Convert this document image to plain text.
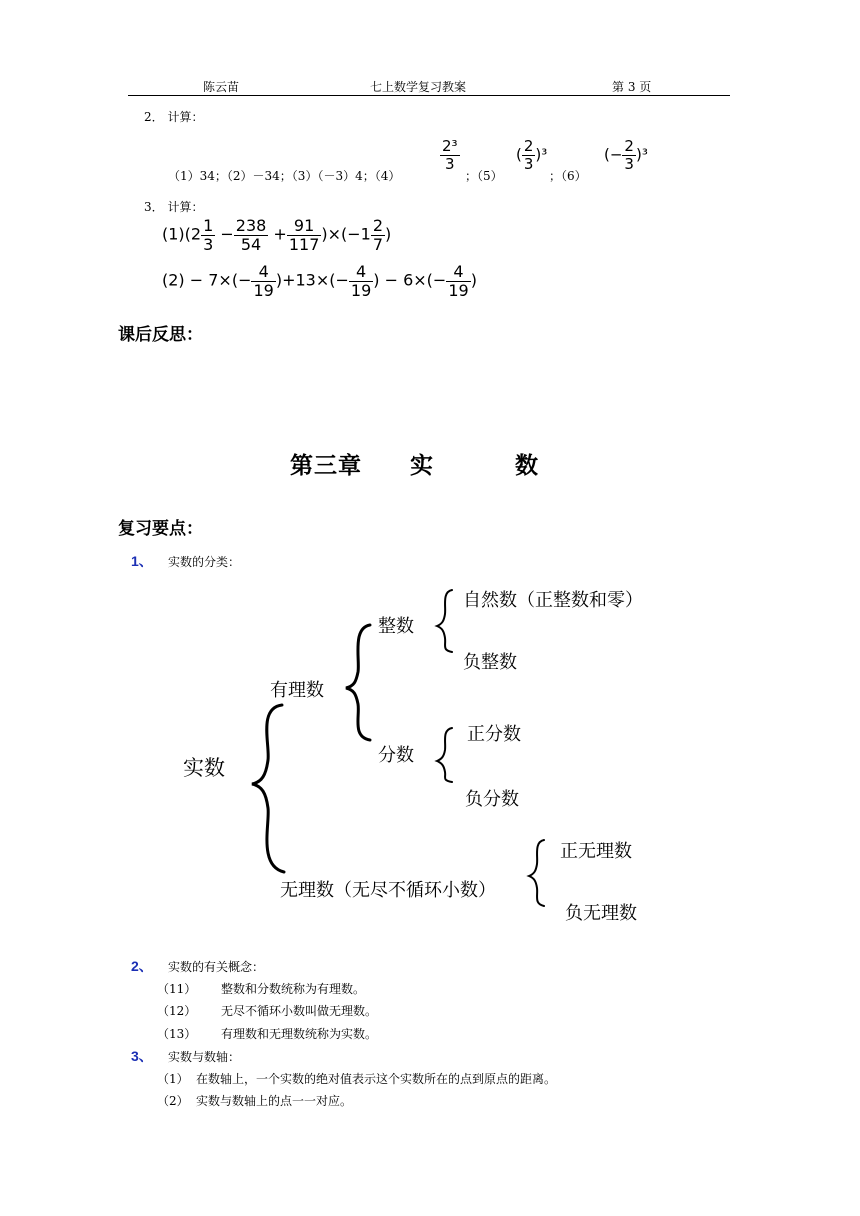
陈云苗	七上数学复习教案	第 3 页
2． 计算：
（1）34；（2）－34；（3）（－3）4；（4）
$\frac{\text{2³}}{3}$
；（5）
( $\frac{2}{3} )^3$
；（6）
(− $\frac{2}{3} )^3$
3． 计算：
$(1)(2 \frac{1}{3} - \frac{238}{54} + \frac{91}{117} )\times(-1 \frac{2}{7}$ )
$(2) - 7\times(- \frac{4}{19} )+13\times(- \frac{4}{19}$ ) − $6\times(- \frac{4}{19}$ )
课后反思：
第三章 实	数
复习要点：
1、 实数的分类：
实数
有理数
整数
自然数（正整数和零）
负整数
分数
正分数
负分数
无理数（无尽不循环小数）
正无理数
负无理数
2、 实数的有关概念：
（11） 整数和分数统称为有理数。
（12） 无尽不循环小数叫做无理数。
（13） 有理数和无理数统称为实数。
3、 实数与数轴：
（1） 在数轴上，一个实数的绝对值表示这个实数所在的点到原点的距离。
（2） 实数与数轴上的点一一对应。
